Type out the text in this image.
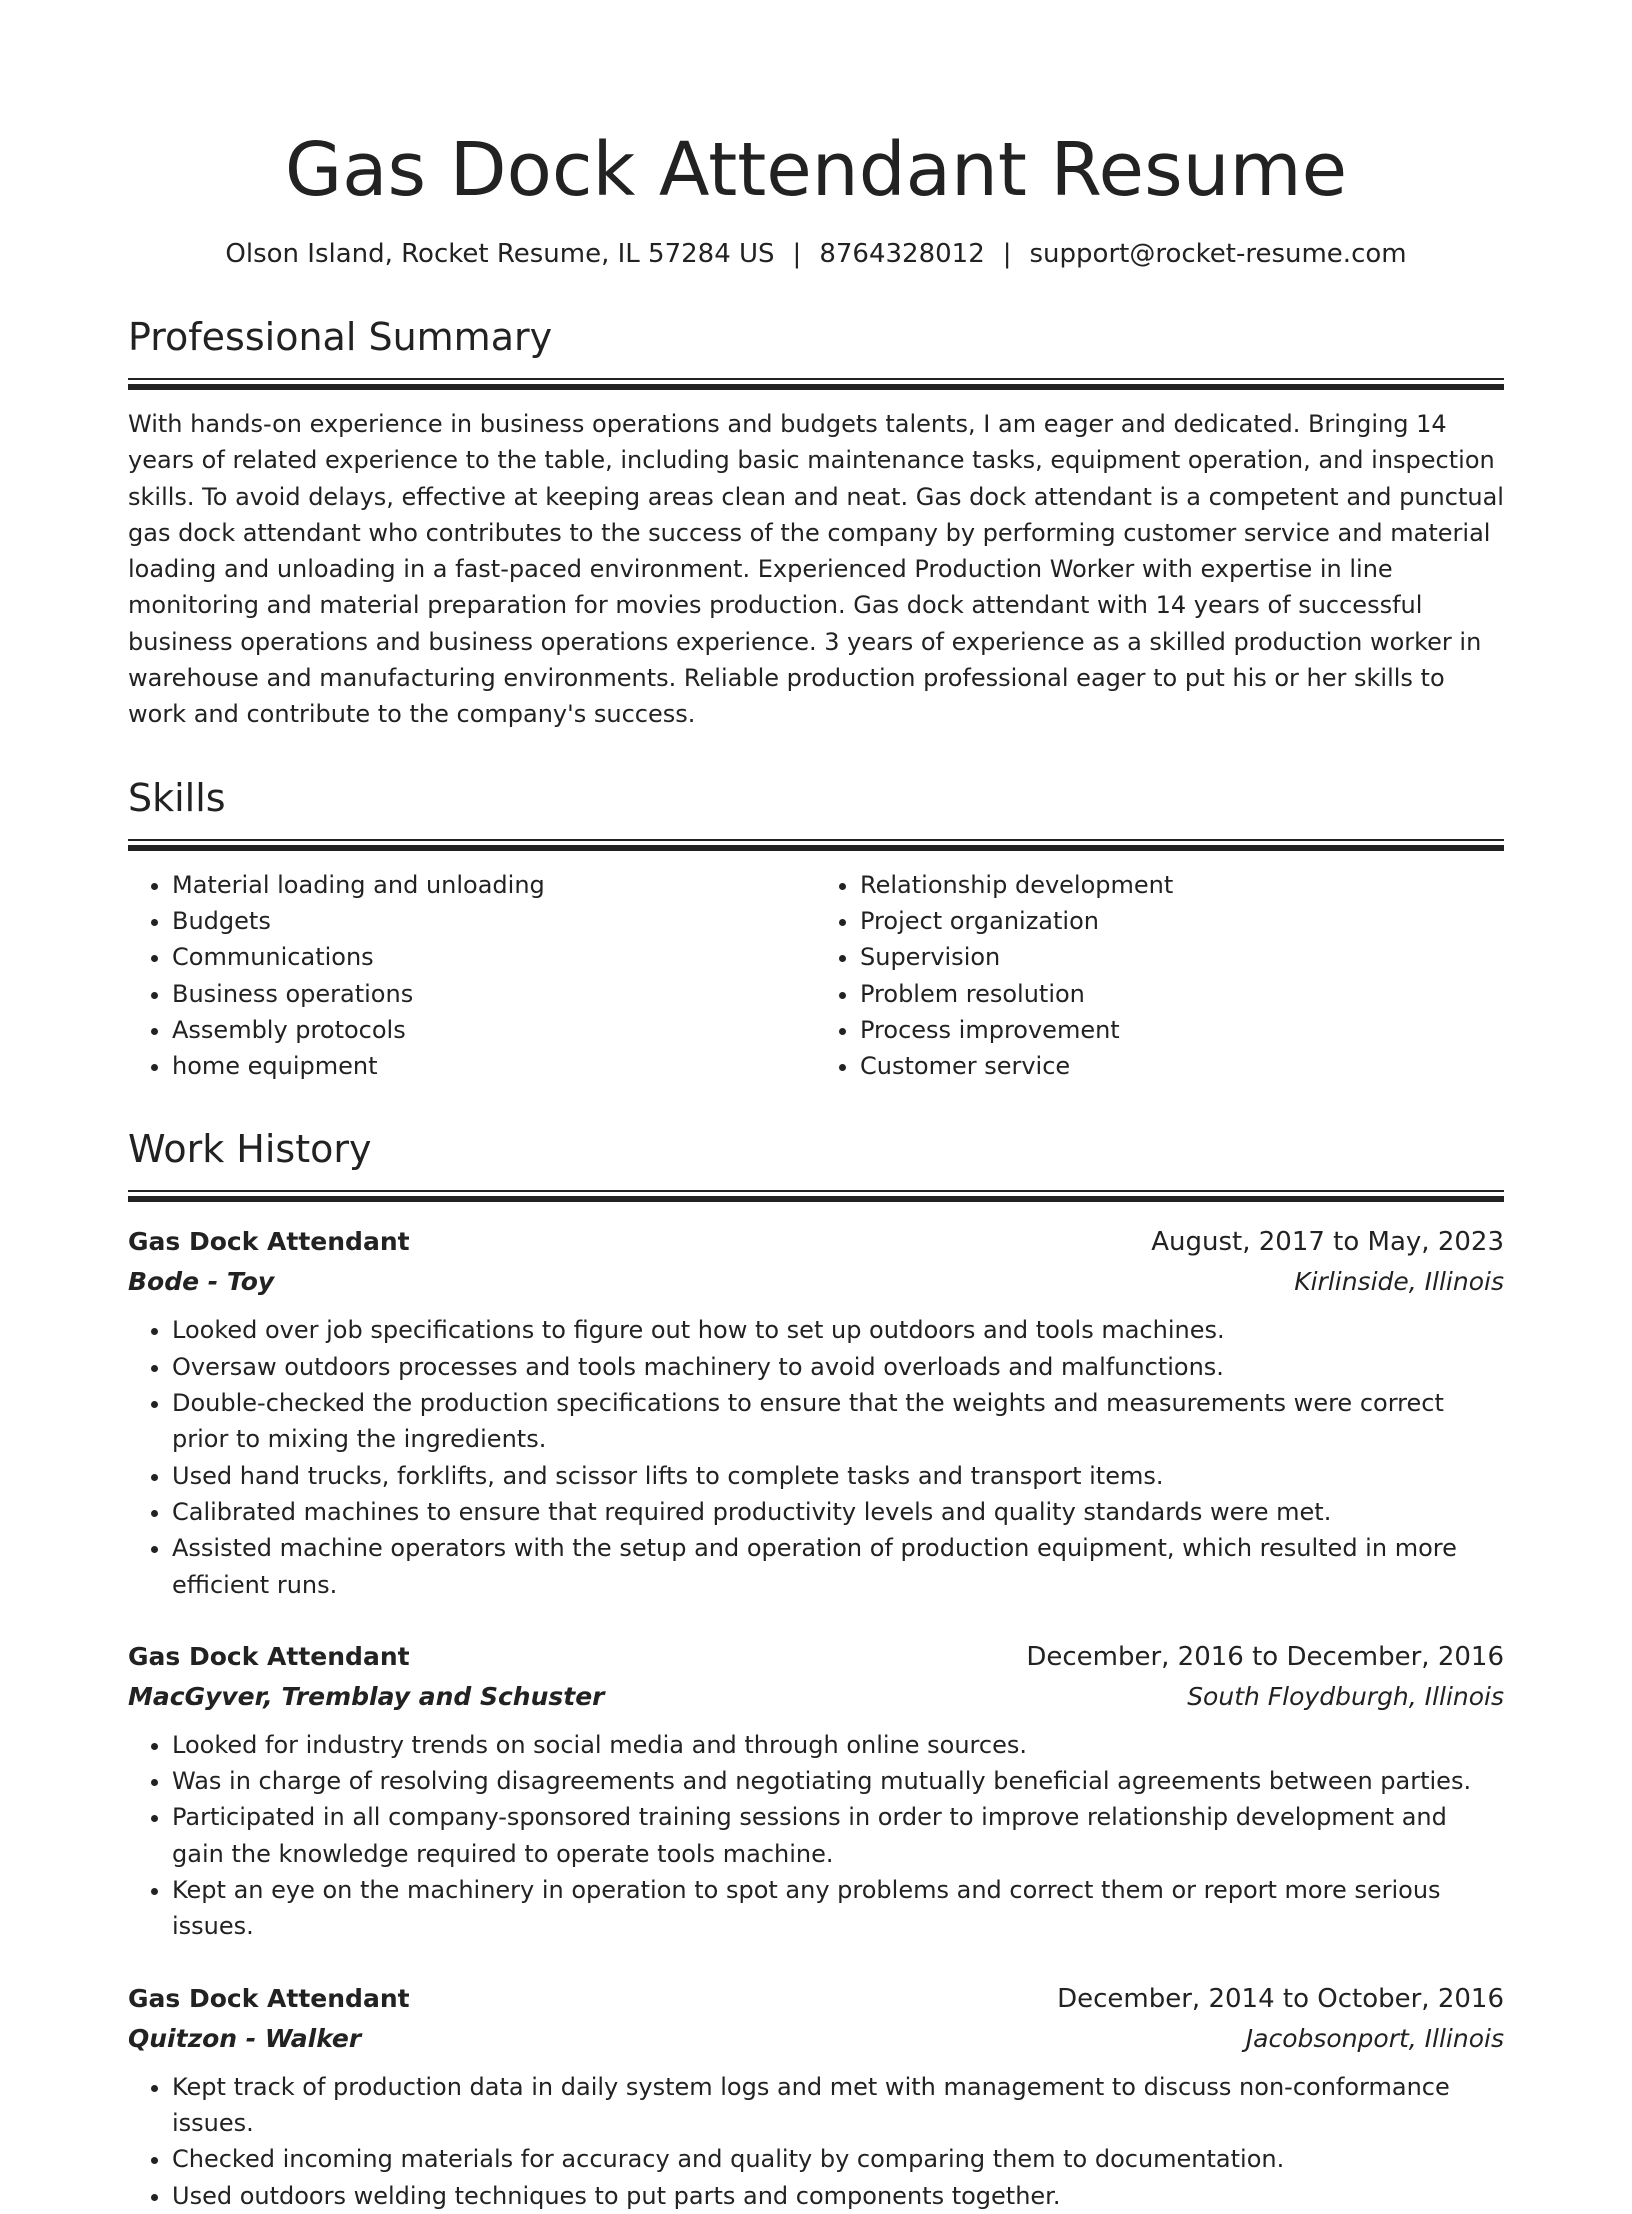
Gas Dock Attendant Resume
Olson Island, Rocket Resume, IL 57284 US | 8764328012 | support@rocket-resume.com
Professional Summary
With hands-on experience in business operations and budgets talents, I am eager and dedicated. Bringing 14 years of related experience to the table, including basic maintenance tasks, equipment operation, and inspection skills. To avoid delays, effective at keeping areas clean and neat. Gas dock attendant is a competent and punctual gas dock attendant who contributes to the success of the company by performing customer service and material loading and unloading in a fast-paced environment. Experienced Production Worker with expertise in line monitoring and material preparation for movies production. Gas dock attendant with 14 years of successful business operations and business operations experience. 3 years of experience as a skilled production worker in warehouse and manufacturing environments. Reliable production professional eager to put his or her skills to work and contribute to the company's success.
Skills
• Material loading and unloading
• Budgets
• Communications
• Business operations
• Assembly protocols
• home equipment
• Relationship development
• Project organization
• Supervision
• Problem resolution
• Process improvement
• Customer service
Work History
Gas Dock Attendant	August, 2017 to May, 2023
Bode - Toy	Kirlinside, Illinois
• Looked over job specifications to figure out how to set up outdoors and tools machines.
• Oversaw outdoors processes and tools machinery to avoid overloads and malfunctions.
• Double-checked the production specifications to ensure that the weights and measurements were correct prior to mixing the ingredients.
• Used hand trucks, forklifts, and scissor lifts to complete tasks and transport items.
• Calibrated machines to ensure that required productivity levels and quality standards were met.
• Assisted machine operators with the setup and operation of production equipment, which resulted in more efficient runs.
Gas Dock Attendant	December, 2016 to December, 2016
MacGyver, Tremblay and Schuster	South Floydburgh, Illinois
• Looked for industry trends on social media and through online sources.
• Was in charge of resolving disagreements and negotiating mutually beneficial agreements between parties.
• Participated in all company-sponsored training sessions in order to improve relationship development and gain the knowledge required to operate tools machine.
• Kept an eye on the machinery in operation to spot any problems and correct them or report more serious issues.
Gas Dock Attendant	December, 2014 to October, 2016
Quitzon - Walker	Jacobsonport, Illinois
• Kept track of production data in daily system logs and met with management to discuss non-conformance issues.
• Checked incoming materials for accuracy and quality by comparing them to documentation.
• Used outdoors welding techniques to put parts and components together.
